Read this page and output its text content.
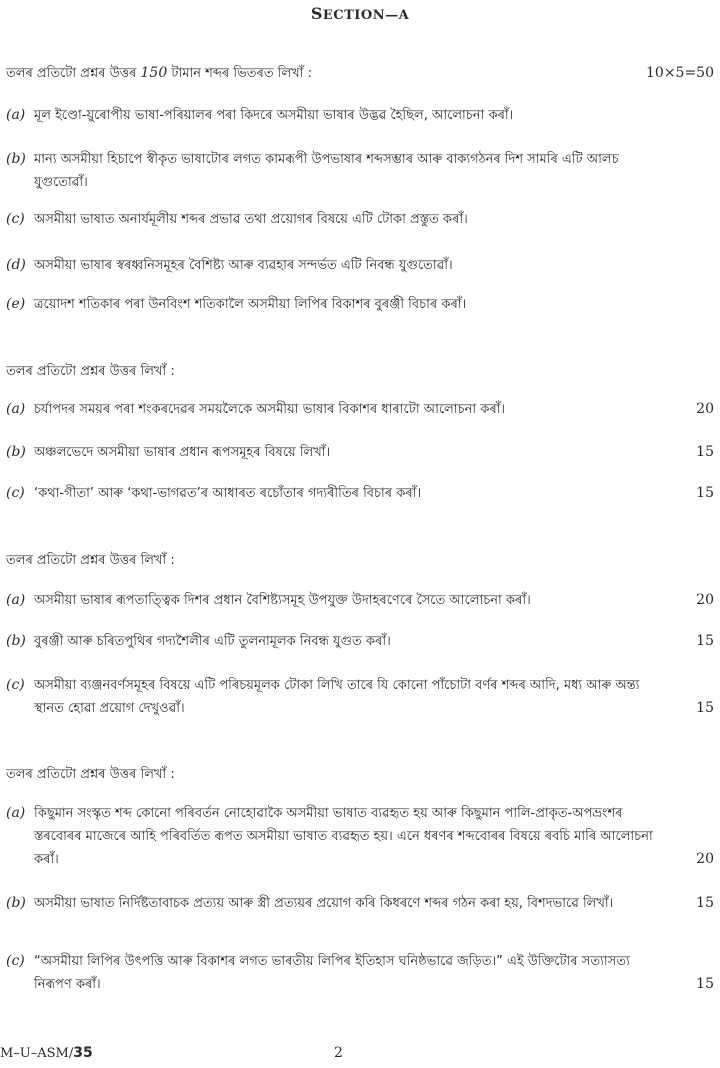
SECTION—A
তলৰ প্ৰতিটো প্ৰশ্নৰ উত্তৰ 150 টামান শব্দৰ ভিতৰত লিখাঁ :	10×5=50
(a) মূল ইণ্ডো-য়ুৰোপীয় ভাষা-পৰিয়ালৰ পৰা কিদৰে অসমীয়া ভাষাৰ উদ্ভৱ হৈছিল, আলোচনা কৰাঁ।
(b) মান্য অসমীয়া হিচাপে স্বীকৃত ভাষাটোৰ লগত কামৰূপী উপভাষাৰ শব্দসম্ভাৰ আৰু বাক্যগঠনৰ দিশ সামৰি এটি আলচ যুগুতোৱাঁ।
(c) অসমীয়া ভাষাত অনাৰ্যমূলীয় শব্দৰ প্ৰভাৱ তথা প্ৰয়োগৰ বিষয়ে এটি টোকা প্ৰস্তুত কৰাঁ।
(d) অসমীয়া ভাষাৰ স্বৰধ্বনিসমূহৰ বৈশিষ্ট্য আৰু ব্যৱহাৰ সন্দৰ্ভত এটি নিবন্ধ যুগুতোৱাঁ।
(e) ত্ৰয়োদশ শতিকাৰ পৰা উনবিংশ শতিকালৈ অসমীয়া লিপিৰ বিকাশৰ বুৰঞ্জী বিচাৰ কৰাঁ।
তলৰ প্ৰতিটো প্ৰশ্নৰ উত্তৰ লিখাঁ :
(a) চৰ্যাপদৰ সময়ৰ পৰা শংকৰদেৱৰ সময়লৈকে অসমীয়া ভাষাৰ বিকাশৰ ধাৰাটো আলোচনা কৰাঁ।	20
(b) অঞ্চলভেদে অসমীয়া ভাষাৰ প্ৰধান ৰূপসমূহৰ বিষয়ে লিখাঁ।	15
(c) ‘কথা-গীতা’ আৰু ‘কথা-ভাগৱত’ৰ আধাৰত ৰচোঁতাৰ গদ্যৰীতিৰ বিচাৰ কৰাঁ।	15
তলৰ প্ৰতিটো প্ৰশ্নৰ উত্তৰ লিখাঁ :
(a) অসমীয়া ভাষাৰ ৰূপতাত্ত্বিক দিশৰ প্ৰধান বৈশিষ্ট্যসমূহ উপযুক্ত উদাহৰণেৰে সৈতে আলোচনা কৰাঁ।	20
(b) বুৰঞ্জী আৰু চৰিতপুথিৰ গদ্যশৈলীৰ এটি তুলনামূলক নিবন্ধ যুগুত কৰাঁ।	15
(c) অসমীয়া ব্যঞ্জনবৰ্ণসমূহৰ বিষয়ে এটি পৰিচয়মূলক টোকা লিখি তাৰে যি কোনো পাঁচোটা বৰ্ণৰ শব্দৰ আদি, মধ্য আৰু অন্ত্য স্থানত হোৱা প্ৰয়োগ দেখুওৱাঁ।	15
তলৰ প্ৰতিটো প্ৰশ্নৰ উত্তৰ লিখাঁ :
(a) কিছুমান সংস্কৃত শব্দ কোনো পৰিবৰ্তন নোহোৱাকৈ অসমীয়া ভাষাত ব্যৱহৃত হয় আৰু কিছুমান পালি-প্ৰাকৃত-অপভ্ৰংশৰ স্তৰবোৰৰ মাজেৰে আহি পৰিবৰ্তিত ৰূপত অসমীয়া ভাষাত ব্যৱহৃত হয়। এনে ধৰণৰ শব্দবোৰৰ বিষয়ে ৰবচি মাৰি আলোচনা কৰাঁ।	20
(b) অসমীয়া ভাষাত নিৰ্দিষ্টতাবাচক প্ৰত্যয় আৰু স্ত্ৰী প্ৰত্যয়ৰ প্ৰয়োগ কৰি কিধৰণে শব্দৰ গঠন কৰা হয়, বিশদভাৱে লিখাঁ।	15
(c) “অসমীয়া লিপিৰ উৎপত্তি আৰু বিকাশৰ লগত ভাৰতীয় লিপিৰ ইতিহাস ঘনিষ্ঠভাৱে জড়িত।” এই উক্তিটোৰ সত্যাসত্য নিৰূপণ কৰাঁ।	15
M–U–ASM/35	2
